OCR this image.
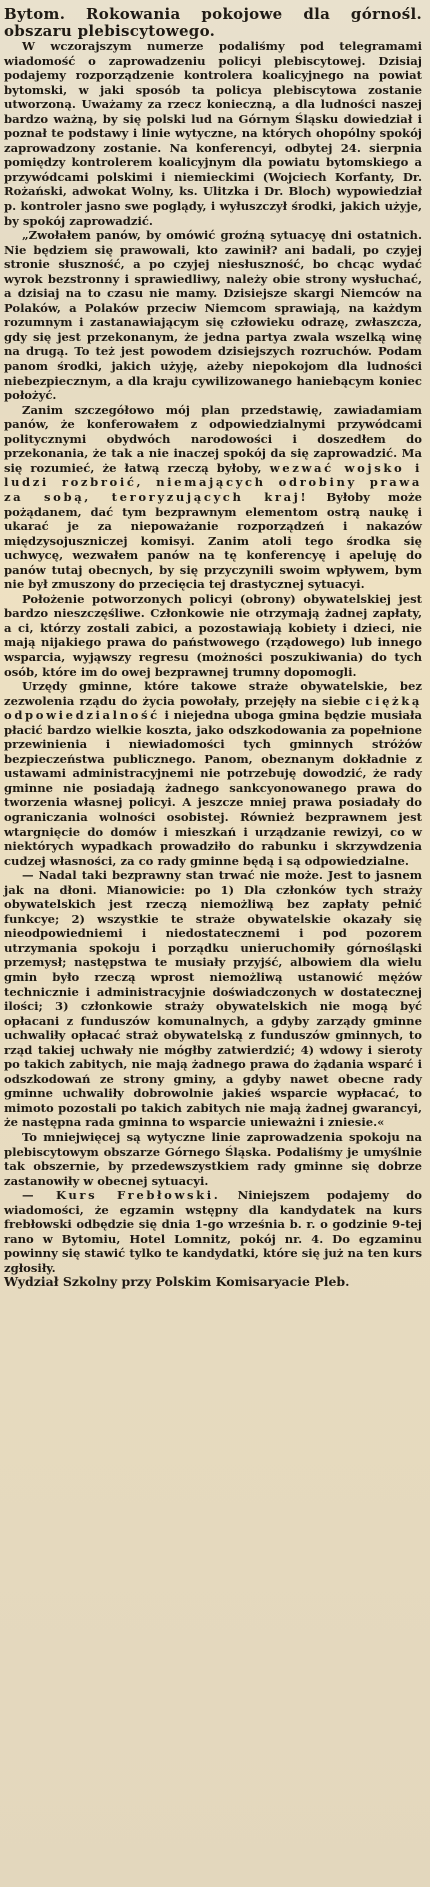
Bytom. Rokowania pokojowe dla górnośl. obszaru plebiscytowego.

W wczorajszym numerze podaliśmy pod telegramami wiadomość o zaprowadzeniu policyi plebiscytowej. Dzisiaj podajemy rozporządzenie kontrolera koalicyjnego na powiat bytomski, w jaki sposób ta policya plebiscytowa zostanie utworzoną. Uważamy za rzecz konieczną, a dla ludności naszej bardzo ważną, by się polski lud na Górnym Śląsku dowiedział i poznał te podstawy i linie wytyczne, na których ohopólny spokój zaprowadzony zostanie. Na konferencyi, odbytej 24. sierpnia pomiędzy kontrolerem koalicyjnym dla powiatu bytomskiego a przywódcami polskimi i niemieckimi (Wojciech Korfanty, Dr. Rożański, adwokat Wolny, ks. Ulitzka i Dr. Bloch) wypowiedział p. kontroler jasno swe poglądy, i wyłuszczył środki, jakich użyje, by spokój zaprowadzić.

„Zwołałem panów, by omówić groźną sytuacyę dni ostatnich. Nie będziem się prawowali, kto zawinił? ani badali, po czyjej stronie słuszność, a po czyjej niesłuszność, bo chcąc wydać wyrok bezstronny i sprawiedliwy, należy obie strony wysłuchać, a dzisiaj na to czasu nie mamy. Dzisiejsze skargi Niemców na Polaków, a Polaków przeciw Niemcom sprawiają, na każdym rozumnym i zastanawiającym się człowieku odrazę, zwłaszcza, gdy się jest przekonanym, że jedna partya zwala wszelką winę na drugą. To też jest powodem dzisiejszych rozruchów. Podam panom środki, jakich użyję, ażeby niepokojom dla ludności niebezpiecznym, a dla kraju cywilizowanego haniebącym koniec położyć.

Zanim szczegółowo mój plan przedstawię, zawiadamiam panów, że konferowałem z odpowiedzialnymi przywódcami politycznymi obydwóch narodowości i doszedłem do przekonania, że tak a nie inaczej spokój da się zaprowadzić. Ma się rozumieć, że łatwą rzeczą byłoby, wezwać wojsko i ludzi rozbroić, niemających odrobiny prawa za sobą, teroryzujących kraj! Byłoby może pożądanem, dać tym bezprawnym elementom ostrą naukę i ukarać je za niepoważanie rozporządzeń i nakazów międzysojuszniczej komisyi. Zanim atoli tego środka się uchwycę, wezwałem panów na tę konferencyę i apeluję do panów tutaj obecnych, by się przyczynili swoim wpływem, bym nie był zmuszony do przecięcia tej drastycznej sytuacyi.

Położenie potworzonych policyi (obrony) obywatelskiej jest bardzo nieszczęśliwe. Członkowie nie otrzymają żadnej zapłaty, a ci, którzy zostali zabici, a pozostawiają kobiety i dzieci, nie mają nijakiego prawa do państwowego (rządowego) lub innego wsparcia, wyjąwszy regresu (możności poszukiwania) do tych osób, które im do owej bezprawnej trumny dopomogli.

Urzędy gminne, które takowe straże obywatelskie, bez zezwolenia rządu do życia powołały, przejęły na siebie ciężką odpowiedzialność i niejedna uboga gmina będzie musiała płacić bardzo wielkie koszta, jako odszkodowania za popełnione przewinienia i niewiadomości tych gminnych stróżów bezpieczeństwa publicznego. Panom, obeznanym dokładnie z ustawami administracyjnemi nie potrzebuję dowodzić, że rady gminne nie posiadają żadnego sankcyonowanego prawa do tworzenia własnej policyi. A jeszcze mniej prawa posiadały do ograniczania wolności osobistej. Również bezprawnem jest wtargnięcie do domów i mieszkań i urządzanie rewizyi, co w niektórych wypadkach prowadziło do rabunku i skrzywdzenia cudzej własności, za co rady gminne będą i są odpowiedzialne.

— Nadal taki bezprawny stan trwać nie może. Jest to jasnem jak na dłoni. Mianowicie: po 1) Dla członków tych straży obywatelskich jest rzeczą niemożliwą bez zapłaty pełnić funkcye; 2) wszystkie te straże obywatelskie okazały się nieodpowiedniemi i niedostatecznemi i pod pozorem utrzymania spokoju i porządku unieruchomiły górnośląski przemysł; następstwa te musiały przyjść, albowiem dla wielu gmin było rzeczą wprost niemożliwą ustanowić mężów technicznie i administracyjnie doświadczonych w dostatecznej ilości; 3) członkowie straży obywatelskich nie mogą być opłacani z funduszów komunalnych, a gdyby zarządy gminne uchwaliły opłacać straż obywatelską z funduszów gminnych, to rząd takiej uchwały nie mógłby zatwierdzić; 4) wdowy i sieroty po takich zabitych, nie mają żadnego prawa do żądania wsparć i odszkodowań ze strony gminy, a gdyby nawet obecne rady gminne uchwaliły dobrowolnie jakieś wsparcie wypłacać, to mimoto pozostali po takich zabitych nie mają żadnej gwarancyi, że następna rada gminna to wsparcie unieważni i zniesie.«

To mniejwięcej są wytyczne linie zaprowadzenia spokoju na plebiscytowym obszarze Górnego Śląska. Podaliśmy je umyślnie tak obszernie, by przedewszystkiem rady gminne się dobrze zastanowiły w obecnej sytuacyi.

— Kurs Frebłowski. Niniejszem podajemy do wiadomości, że egzamin wstępny dla kandydatek na kurs frebłowski odbędzie się dnia 1-go września b. r. o godzinie 9-tej rano w Bytomiu, Hotel Lomnitz, pokój nr. 4. Do egzaminu powinny się stawić tylko te kandydatki, które się już na ten kurs zgłosiły.

Wydział Szkolny przy Polskim Komisaryacie Pleb.
